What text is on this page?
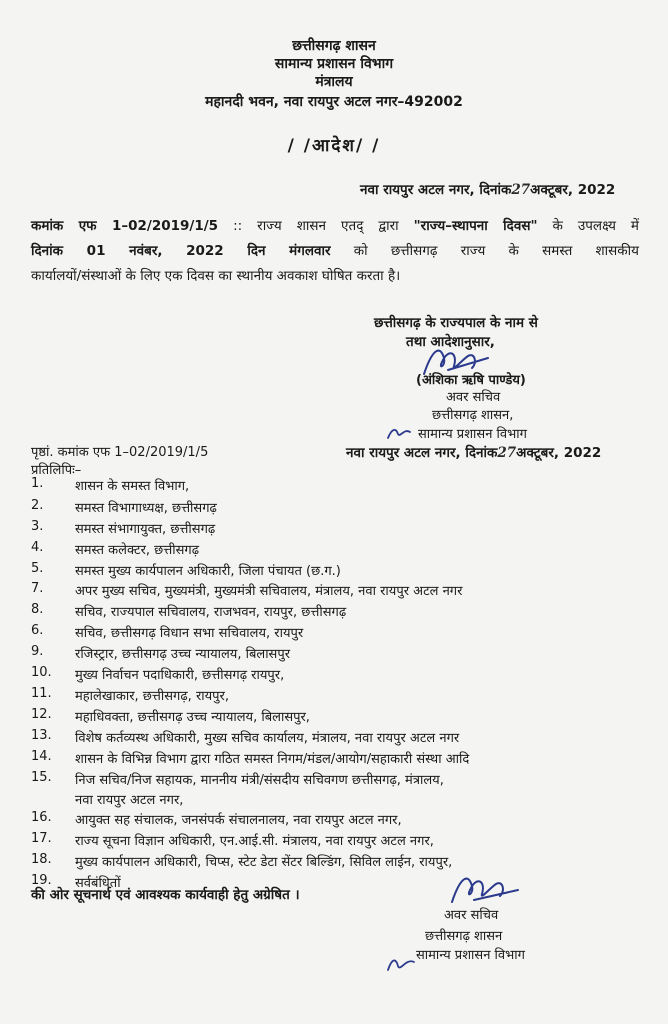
छत्तीसगढ़ शासन
सामान्य प्रशासन विभाग
मंत्रालय
महानदी भवन, नवा रायपुर अटल नगर–492002
/ /आदेश/ /
नवा रायपुर अटल नगर, दिनांक27अक्टूबर, 2022
कमांक एफ 1–02/2019/1/5 :: राज्य शासन एतद् द्वारा "राज्य–स्थापना दिवस" के उपलक्ष्य में
दिनांक 01 नवंबर, 2022 दिन मंगलवार को छत्तीसगढ़ राज्य के समस्त शासकीय
कार्यालयों/संस्थाओं के लिए एक दिवस का स्थानीय अवकाश घोषित करता है।
छत्तीसगढ़ के राज्यपाल के नाम से
तथा आदेशानुसार,
(अंशिका ऋषि पाण्डेय)
अवर सचिव
छत्तीसगढ़ शासन,
सामान्य प्रशासन विभाग
पृष्ठां. कमांक एफ 1–02/2019/1/5	नवा रायपुर अटल नगर, दिनांक27अक्टूबर, 2022
प्रतिलिपिः–
1.	शासन के समस्त विभाग,
2.	समस्त विभागाध्यक्ष, छत्तीसगढ़
3.	समस्त संभागायुक्त, छत्तीसगढ़
4.	समस्त कलेक्टर, छत्तीसगढ़
5.	समस्त मुख्य कार्यपालन अधिकारी, जिला पंचायत (छ.ग.)
7.	अपर मुख्य सचिव, मुख्यमंत्री, मुख्यमंत्री सचिवालय, मंत्रालय, नवा रायपुर अटल नगर
8.	सचिव, राज्यपाल सचिवालय, राजभवन, रायपुर, छत्तीसगढ़
6.	सचिव, छत्तीसगढ़ विधान सभा सचिवालय, रायपुर
9.	रजिस्ट्रार, छत्तीसगढ़ उच्च न्यायालय, बिलासपुर
10.	मुख्य निर्वाचन पदाधिकारी, छत्तीसगढ़ रायपुर,
11.	महालेखाकार, छत्तीसगढ़, रायपुर,
12.	महाधिवक्ता, छत्तीसगढ़ उच्च न्यायालय, बिलासपुर,
13.	विशेष कर्तव्यस्थ अधिकारी, मुख्य सचिव कार्यालय, मंत्रालय, नवा रायपुर अटल नगर
14.	शासन के विभिन्न विभाग द्वारा गठित समस्त निगम/मंडल/आयोग/सहाकारी संस्था आदि
15.	निज सचिव/निज सहायक, माननीय मंत्री/संसदीय सचिवगण छत्तीसगढ़, मंत्रालय,
नवा रायपुर अटल नगर,
16.	आयुक्त सह संचालक, जनसंपर्क संचालनालय, नवा रायपुर अटल नगर,
17.	राज्य सूचना विज्ञान अधिकारी, एन.आई.सी. मंत्रालय, नवा रायपुर अटल नगर,
18.	मुख्य कार्यपालन अधिकारी, चिप्स, स्टेट डेटा सेंटर बिल्डिंग, सिविल लाईन, रायपुर,
19.	सर्वबंधितों
की ओर सूचनार्थ एवं आवश्यक कार्यवाही हेतु अग्रेषित ।
अवर सचिव
छत्तीसगढ़ शासन
सामान्य प्रशासन विभाग
